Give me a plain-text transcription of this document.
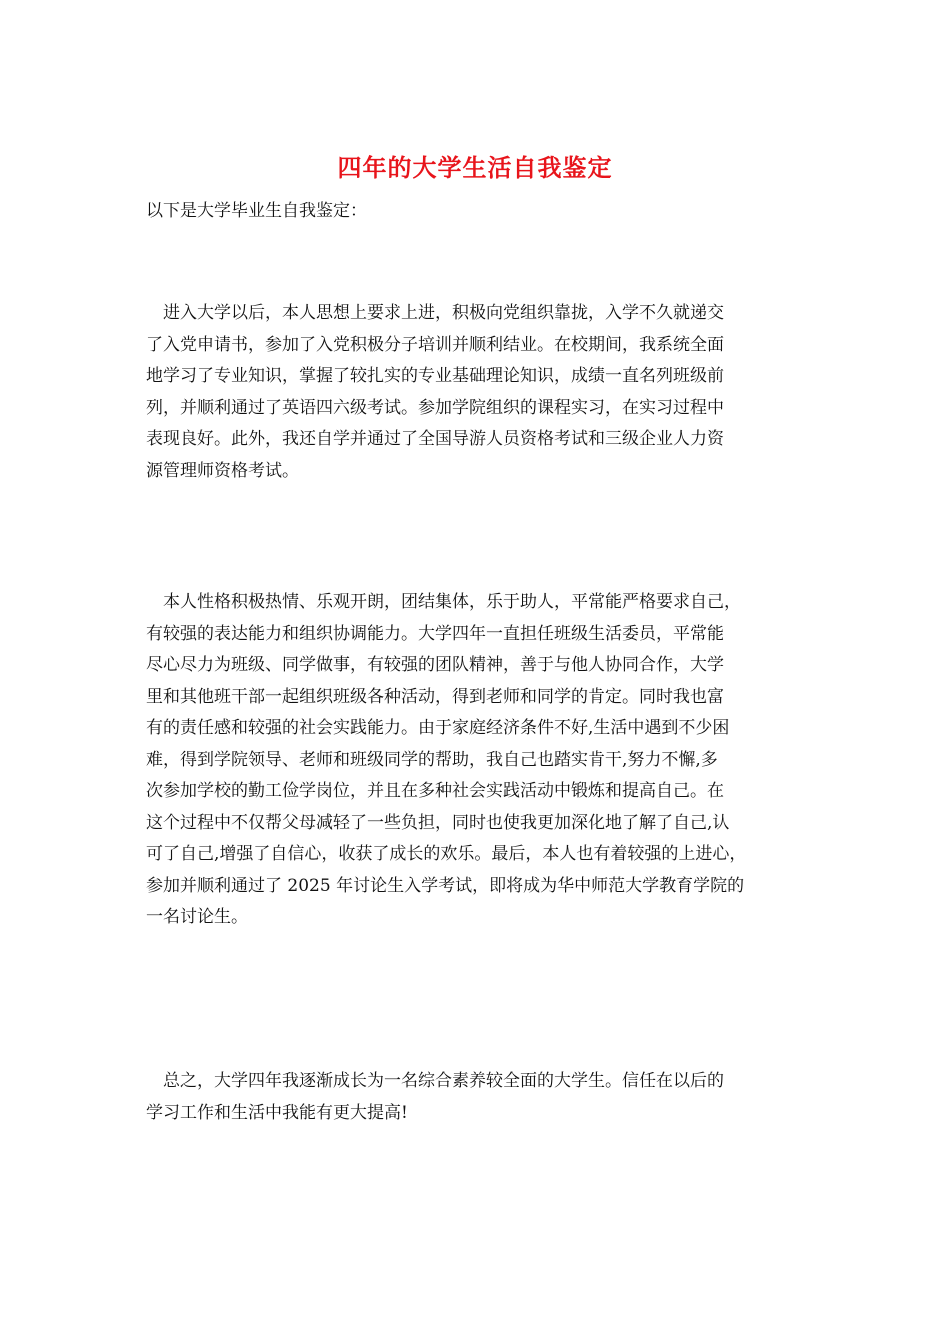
四年的大学生活自我鉴定
以下是大学毕业生自我鉴定：

　进入大学以后，本人思想上要求上进，积极向党组织靠拢，入学不久就递交
了入党申请书，参加了入党积极分子培训并顺利结业。在校期间，我系统全面
地学习了专业知识，掌握了较扎实的专业基础理论知识，成绩一直名列班级前
列，并顺利通过了英语四六级考试。参加学院组织的课程实习，在实习过程中
表现良好。此外，我还自学并通过了全国导游人员资格考试和三级企业人力资
源管理师资格考试。

　本人性格积极热情、乐观开朗，团结集体，乐于助人，平常能严格要求自己，
有较强的表达能力和组织协调能力。大学四年一直担任班级生活委员，平常能
尽心尽力为班级、同学做事，有较强的团队精神，善于与他人协同合作，大学
里和其他班干部一起组织班级各种活动，得到老师和同学的肯定。同时我也富
有的责任感和较强的社会实践能力。由于家庭经济条件不好,生活中遇到不少困
难，得到学院领导、老师和班级同学的帮助，我自己也踏实肯干,努力不懈,多
次参加学校的勤工俭学岗位，并且在多种社会实践活动中锻炼和提高自己。在
这个过程中不仅帮父母减轻了一些负担，同时也使我更加深化地了解了自己,认
可了自己,增强了自信心，收获了成长的欢乐。最后，本人也有着较强的上进心，
参加并顺利通过了 2025 年讨论生入学考试，即将成为华中师范大学教育学院的
一名讨论生。

　总之，大学四年我逐渐成长为一名综合素养较全面的大学生。信任在以后的
学习工作和生活中我能有更大提高!
